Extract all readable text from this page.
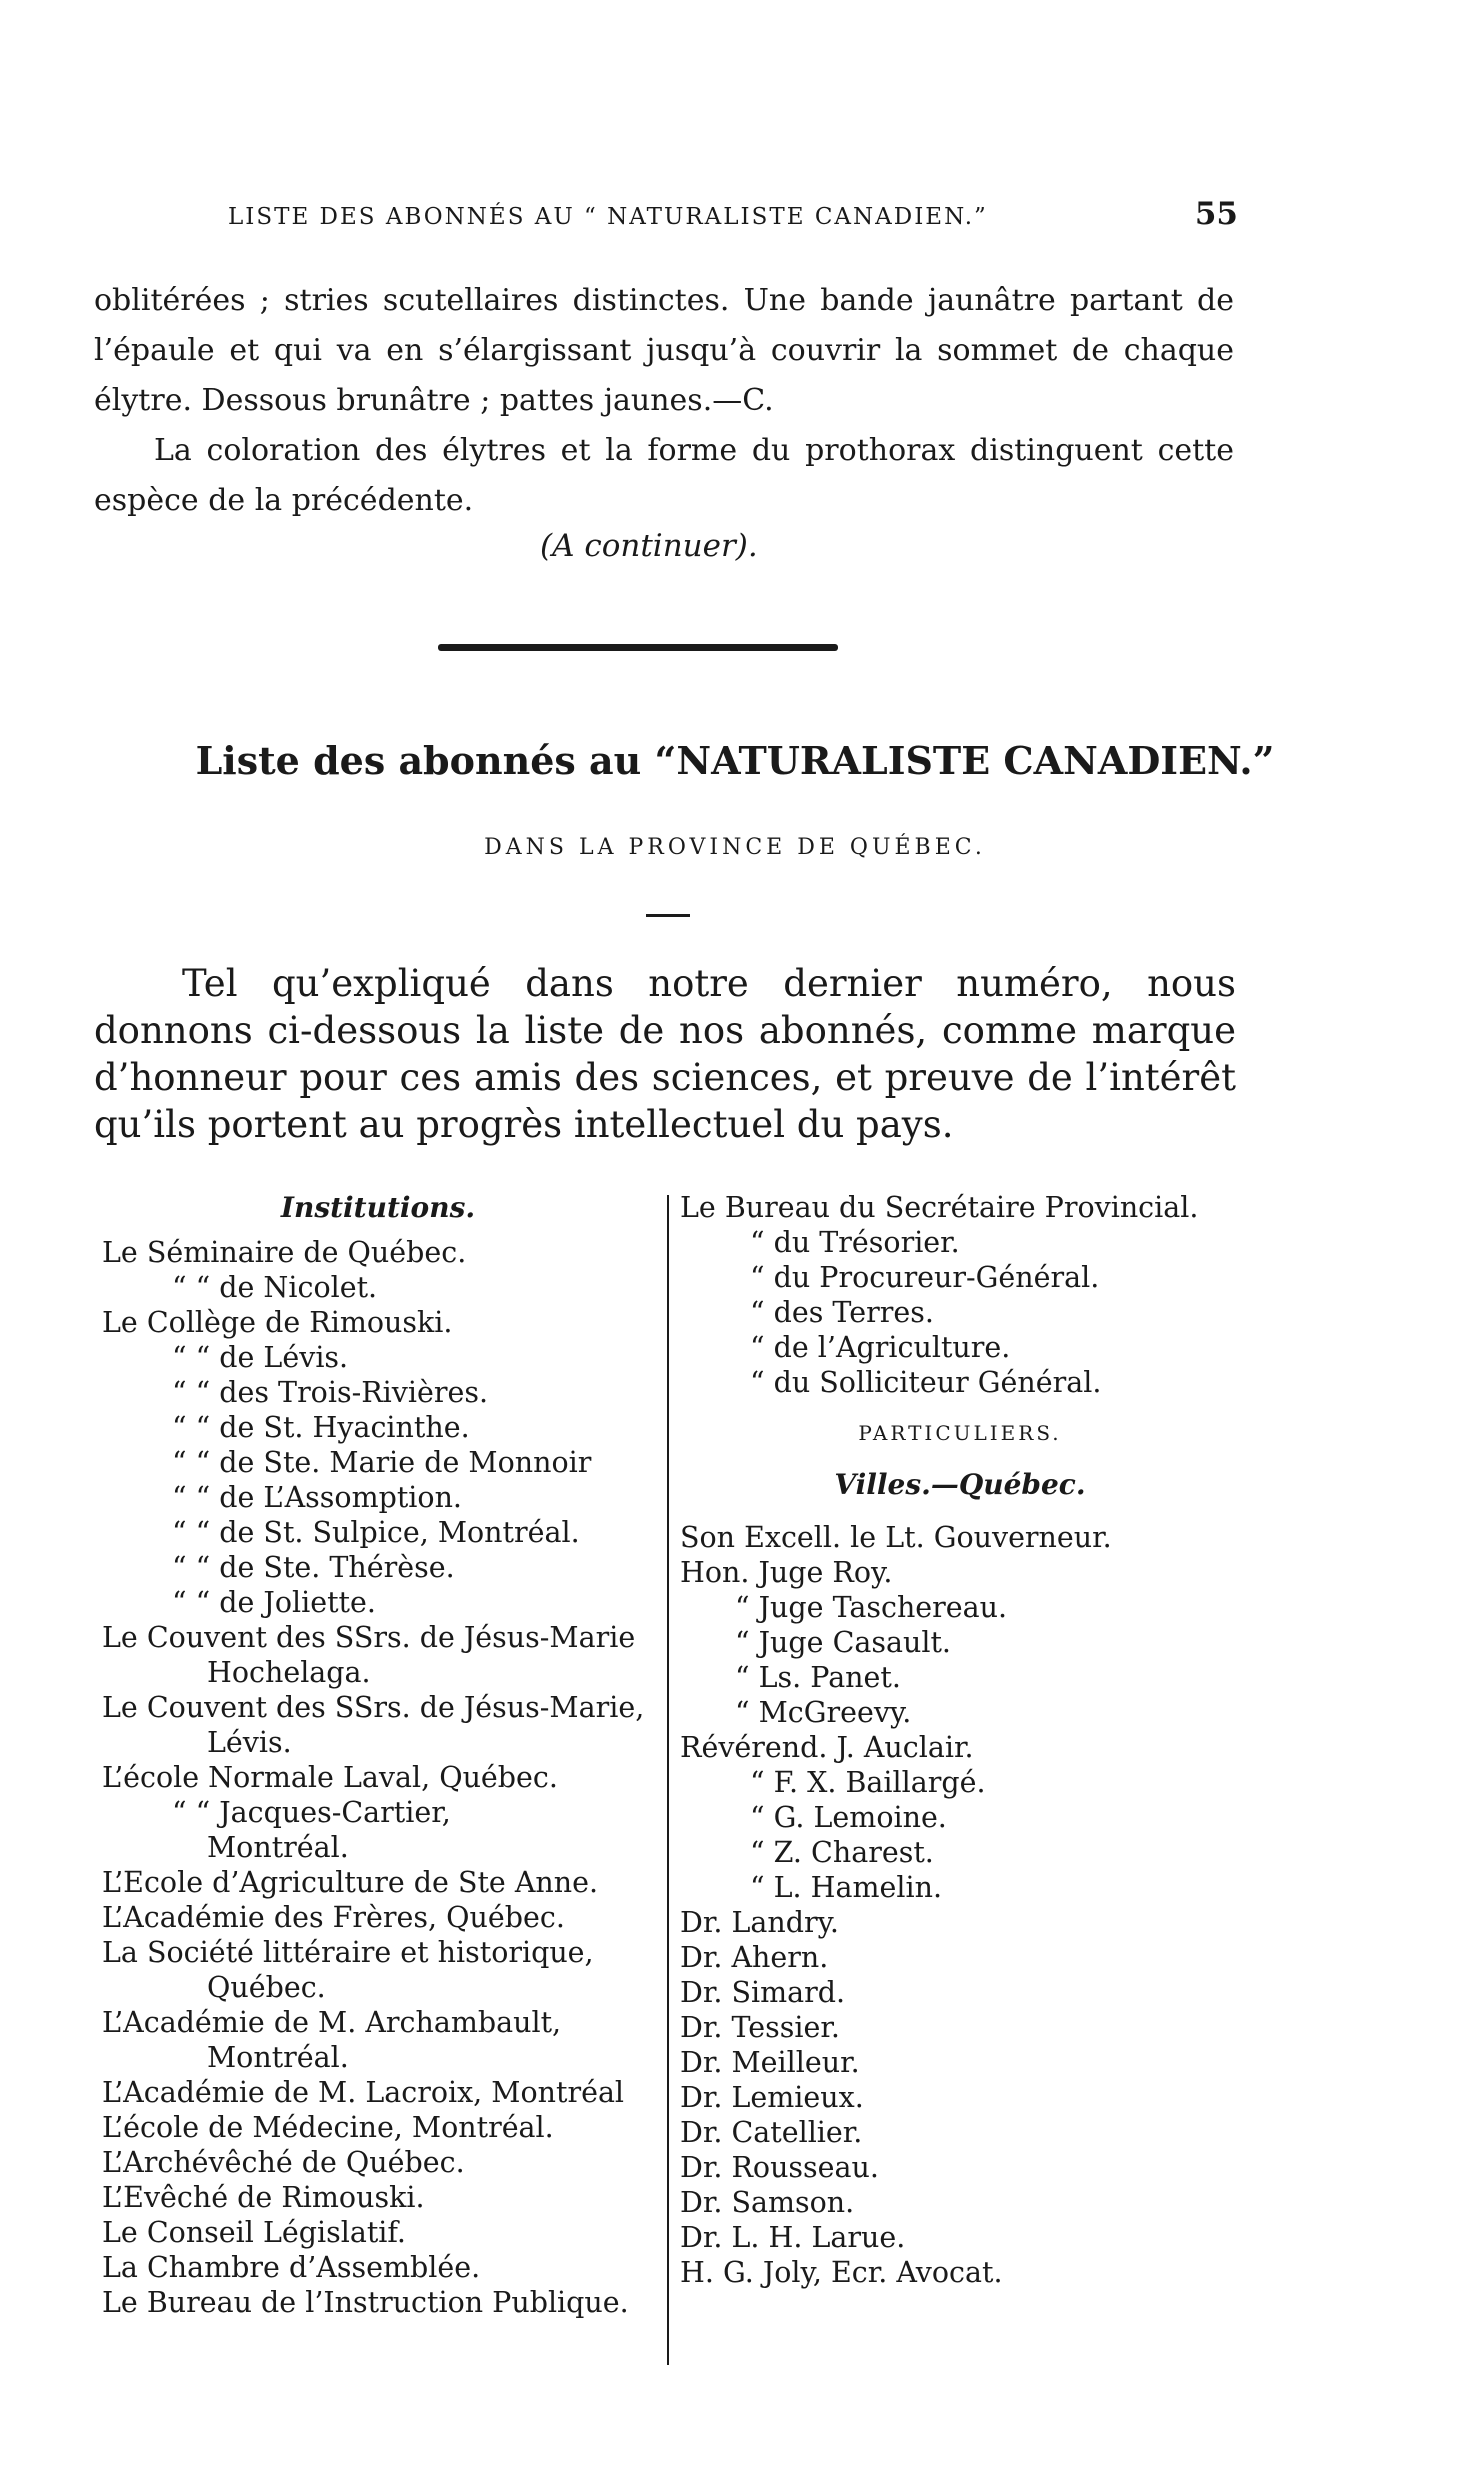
LISTE DES ABONNÉS AU “ NATURALISTE CANADIEN.”	55

oblitérées ; stries scutellaires distinctes. Une bande jaunâtre partant de l’épaule et qui va en s’élargissant jusqu’à couvrir la sommet de chaque élytre. Dessous brunâtre ; pattes jaunes.—C.

La coloration des élytres et la forme du prothorax distinguent cette espèce de la précédente.

(A continuer).
Liste des abonnés au “NATURALISTE CANADIEN.”
DANS LA PROVINCE DE QUÉBEC.

Tel qu’expliqué dans notre dernier numéro, nous donnons ci-dessous la liste de nos abonnés, comme marque d’honneur pour ces amis des sciences, et preuve de l’intérêt qu’ils portent au progrès intellectuel du pays.

Institutions.
Le Séminaire de Québec.
“ “ de Nicolet.
Le Collège de Rimouski.
“ “ de Lévis.
“ “ des Trois-Rivières.
“ “ de St. Hyacinthe.
“ “ de Ste. Marie de Monnoir
“ “ de L’Assomption.
“ “ de St. Sulpice, Montréal.
“ “ de Ste. Thérèse.
“ “ de Joliette.
Le Couvent des SSrs. de Jésus-Marie
Hochelaga.
Le Couvent des SSrs. de Jésus-Marie,
Lévis.
L’école Normale Laval, Québec.
“ “ Jacques-Cartier,
Montréal.
L’Ecole d’Agriculture de Ste Anne.
L’Académie des Frères, Québec.
La Société littéraire et historique,
Québec.
L’Académie de M. Archambault,
Montréal.
L’Académie de M. Lacroix, Montréal
L’école de Médecine, Montréal.
L’Archévêché de Québec.
L’Evêché de Rimouski.
Le Conseil Législatif.
La Chambre d’Assemblée.
Le Bureau de l’Instruction Publique.
Le Bureau du Secrétaire Provincial.
“ du Trésorier.
“ du Procureur-Général.
“ des Terres.
“ de l’Agriculture.
“ du Solliciteur Général.
PARTICULIERS.
Villes.—Québec.
Son Excell. le Lt. Gouverneur.
Hon. Juge Roy.
“ Juge Taschereau.
“ Juge Casault.
“ Ls. Panet.
“ McGreevy.
Révérend. J. Auclair.
“ F. X. Baillargé.
“ G. Lemoine.
“ Z. Charest.
“ L. Hamelin.
Dr. Landry.
Dr. Ahern.
Dr. Simard.
Dr. Tessier.
Dr. Meilleur.
Dr. Lemieux.
Dr. Catellier.
Dr. Rousseau.
Dr. Samson.
Dr. L. H. Larue.
H. G. Joly, Ecr. Avocat.
